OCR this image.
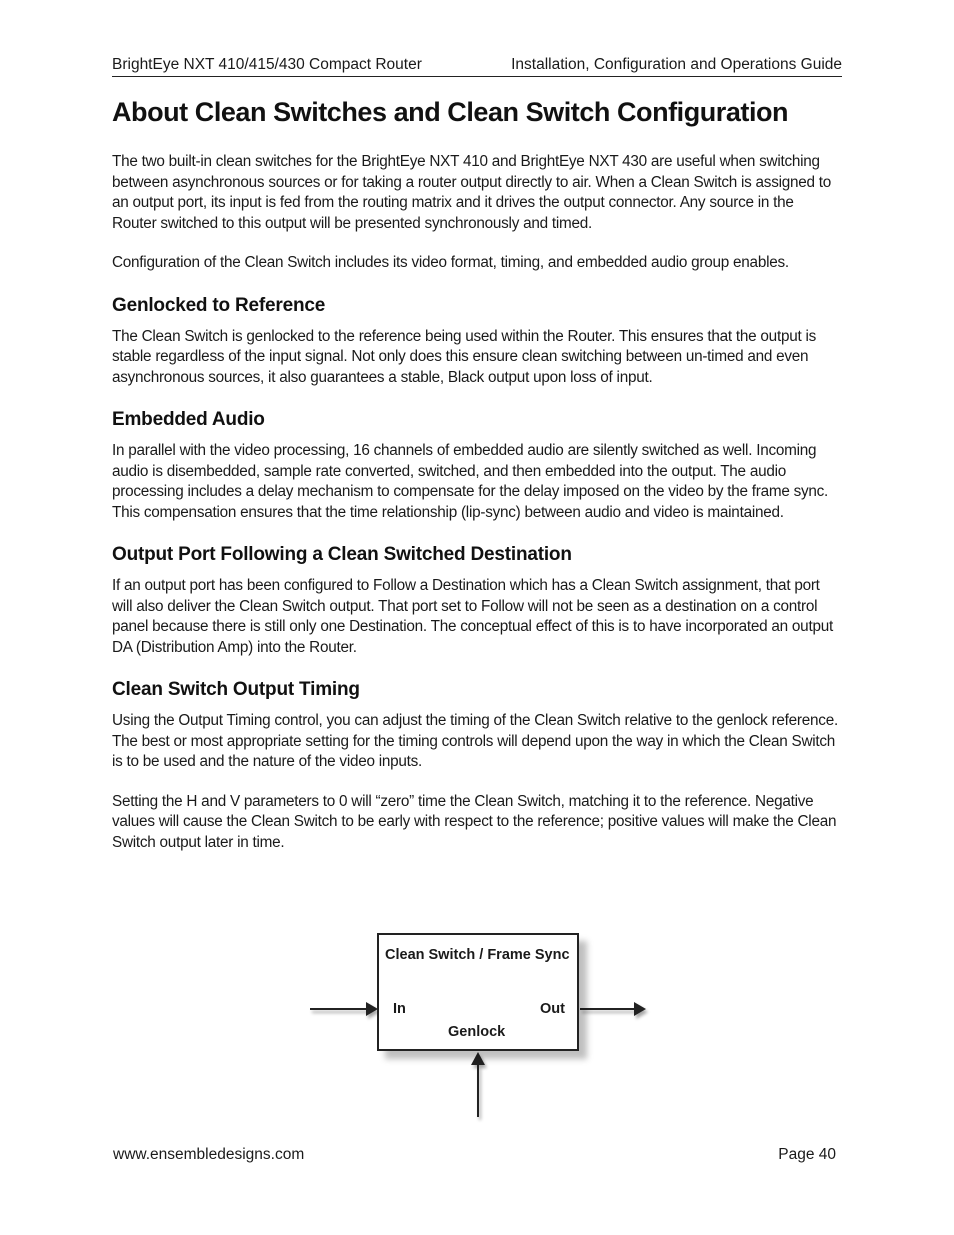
BrightEye NXT 410/415/430 Compact Router	Installation, Configuration and Operations Guide
About Clean Switches and Clean Switch Configuration

The two built-in clean switches for the BrightEye NXT 410 and BrightEye NXT 430 are useful when switching between asynchronous sources or for taking a router output directly to air. When a Clean Switch is assigned to an output port, its input is fed from the routing matrix and it drives the output connector. Any source in the Router switched to this output will be presented synchronously and timed.

Configuration of the Clean Switch includes its video format, timing, and embedded audio group enables.

Genlocked to Reference

The Clean Switch is genlocked to the reference being used within the Router. This ensures that the output is stable regardless of the input signal. Not only does this ensure clean switching between un-timed and even asynchronous sources, it also guarantees a stable, Black output upon loss of input.

Embedded Audio

In parallel with the video processing, 16 channels of embedded audio are silently switched as well. Incoming audio is disembedded, sample rate converted, switched, and then embedded into the output. The audio processing includes a delay mechanism to compensate for the delay imposed on the video by the frame sync. This compensation ensures that the time relationship (lip-sync) between audio and video is maintained.

Output Port Following a Clean Switched Destination

If an output port has been configured to Follow a Destination which has a Clean Switch assignment, that port will also deliver the Clean Switch output. That port set to Follow will not be seen as a destination on a control panel because there is still only one Destination. The conceptual effect of this is to have incorporated an output DA (Distribution Amp) into the Router.

Clean Switch Output Timing

Using the Output Timing control, you can adjust the timing of the Clean Switch relative to the genlock reference. The best or most appropriate setting for the timing controls will depend upon the way in which the Clean Switch is to be used and the nature of the video inputs.

Setting the H and V parameters to 0 will “zero” time the Clean Switch, matching it to the reference. Negative values will cause the Clean Switch to be early with respect to the reference; positive values will make the Clean Switch output later in time.

Clean Switch / Frame Sync
In	Out
Genlock
www.ensembledesigns.com	Page 40
